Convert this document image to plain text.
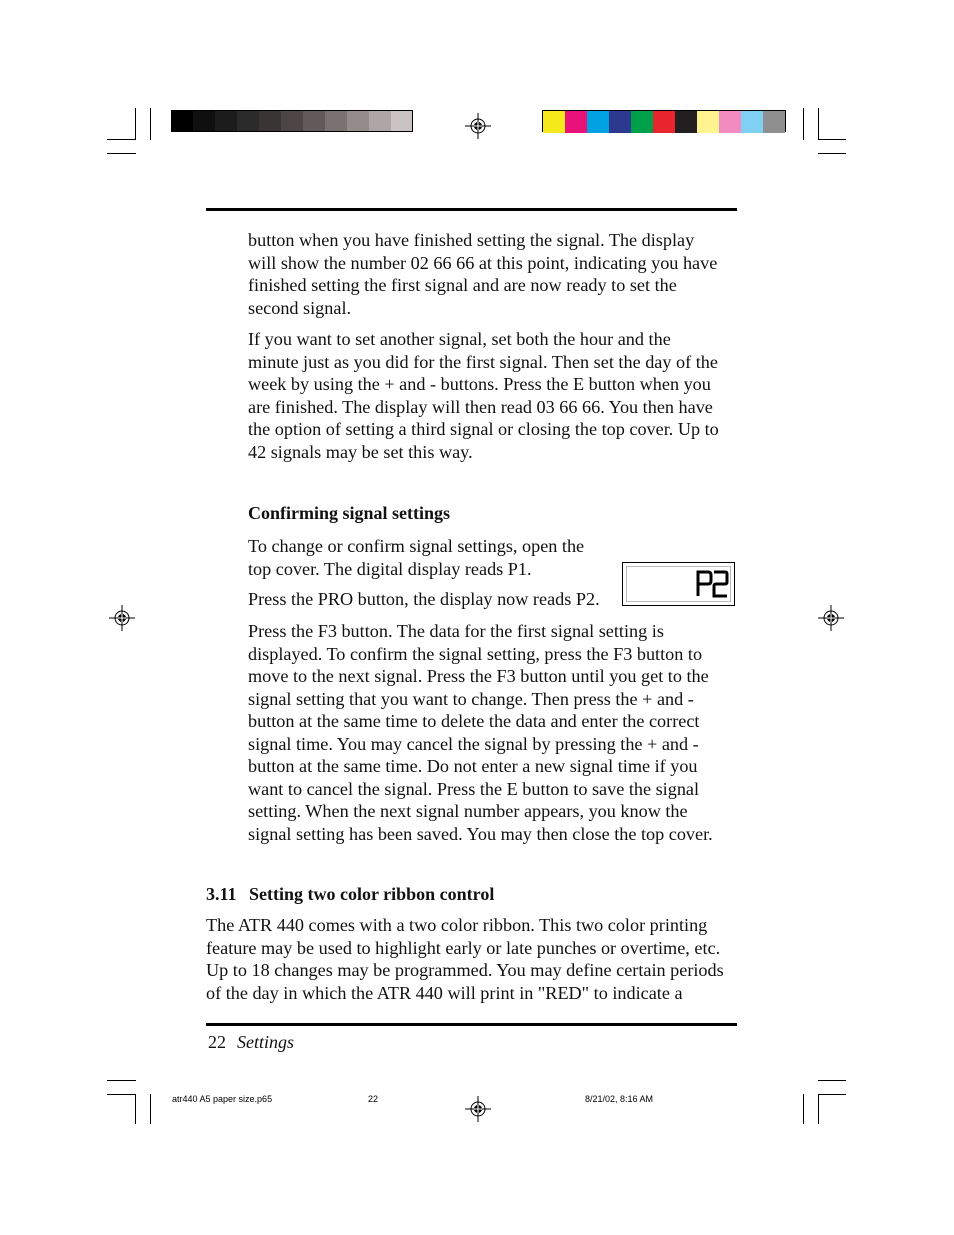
button when you have finished setting the signal. The display
will show the number 02 66 66 at this point, indicating you have
finished setting the first signal and are now ready to set the
second signal.
If you want to set another signal, set both the hour and the
minute just as you did for the first signal. Then set the day of the
week by using the + and - buttons. Press the E button when you
are finished. The display will then read 03 66 66. You then have
the option of setting a third signal or closing the top cover. Up to
42 signals may be set this way.
Confirming signal settings
To change or confirm signal settings, open the
top cover. The digital display reads P1.
Press the PRO button, the display now reads P2.
Press the F3 button. The data for the first signal setting is
displayed. To confirm the signal setting, press the F3 button to
move to the next signal. Press the F3 button until you get to the
signal setting that you want to change. Then press the + and -
button at the same time to delete the data and enter the correct
signal time. You may cancel the signal by pressing the + and -
button at the same time. Do not enter a new signal time if you
want to cancel the signal. Press the E button to save the signal
setting. When the next signal number appears, you know the
signal setting has been saved. You may then close the top cover.
3.11 Setting two color ribbon control
The ATR 440 comes with a two color ribbon. This two color printing
feature may be used to highlight early or late punches or overtime, etc.
Up to 18 changes may be programmed. You may define certain periods
of the day in which the ATR 440 will print in "RED" to indicate a
22 Settings
atr440 A5 paper size.p65	22	8/21/02, 8:16 AM
